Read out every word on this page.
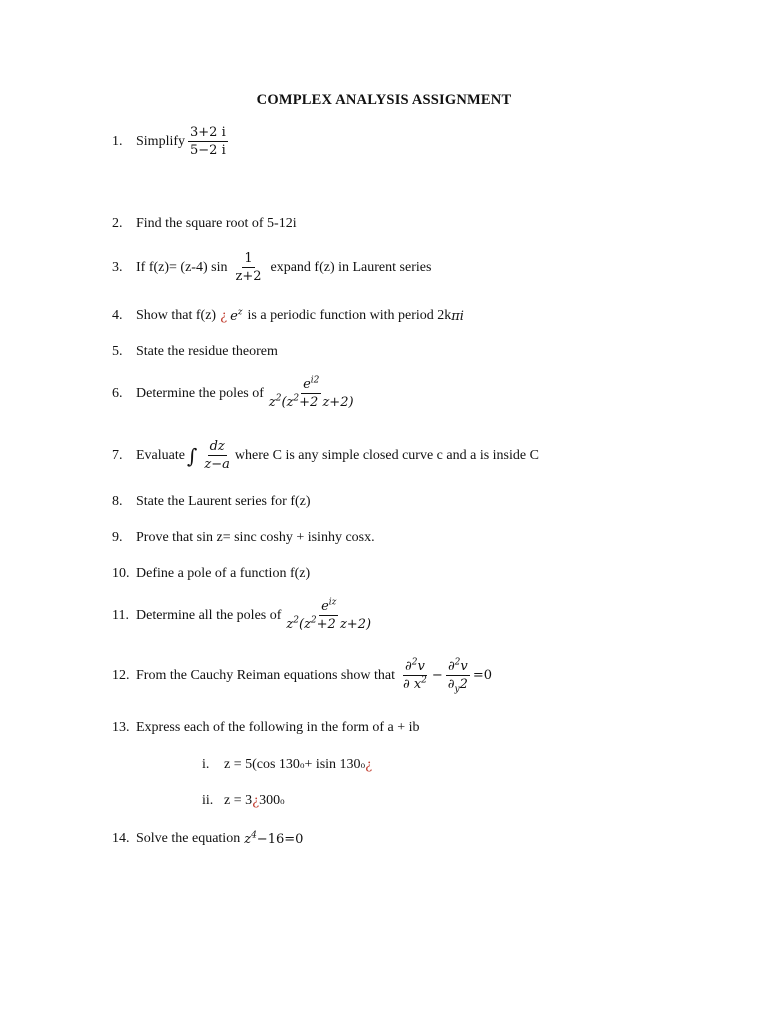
COMPLEX ANALYSIS ASSIGNMENT
1. Simplify $\frac{3+2 i}{5-2 i}$
2. Find the square root of 5-12i
3. If f(z)= (z-4) $\sin \frac{1}{z+2}$ expand f(z) in Laurent series
4. Show that f(z) ¿ $e^z$ is a periodic function with period 2k πi
5. State the residue theorem
6. Determine the poles of $\frac{e^{i2}}{z^2(z^2+2 z+2)}$
7. Evaluate ∫ $\frac{dz}{z-a}$ where C is any simple closed curve c and a is inside C
8. State the Laurent series for f(z)
9. Prove that sin z= sinc coshy + isinhy cosx.
10. Define a pole of a function f(z)
11. Determine all the poles of $\frac{e^{iz}}{z^2(z^2+2 z+2)}$
12. From the Cauchy Reiman equations show that $\frac{\partial^2v}{\partial x^2} - \frac{\partial^2v}{\partial_y2} =0$
13. Express each of the following in the form of a + ib
i.	z = 5(cos 130 o + isin 130 o ¿
ii. z = 3 ¿ 300 o
14. Solve the equation $z^4 -16=0$
